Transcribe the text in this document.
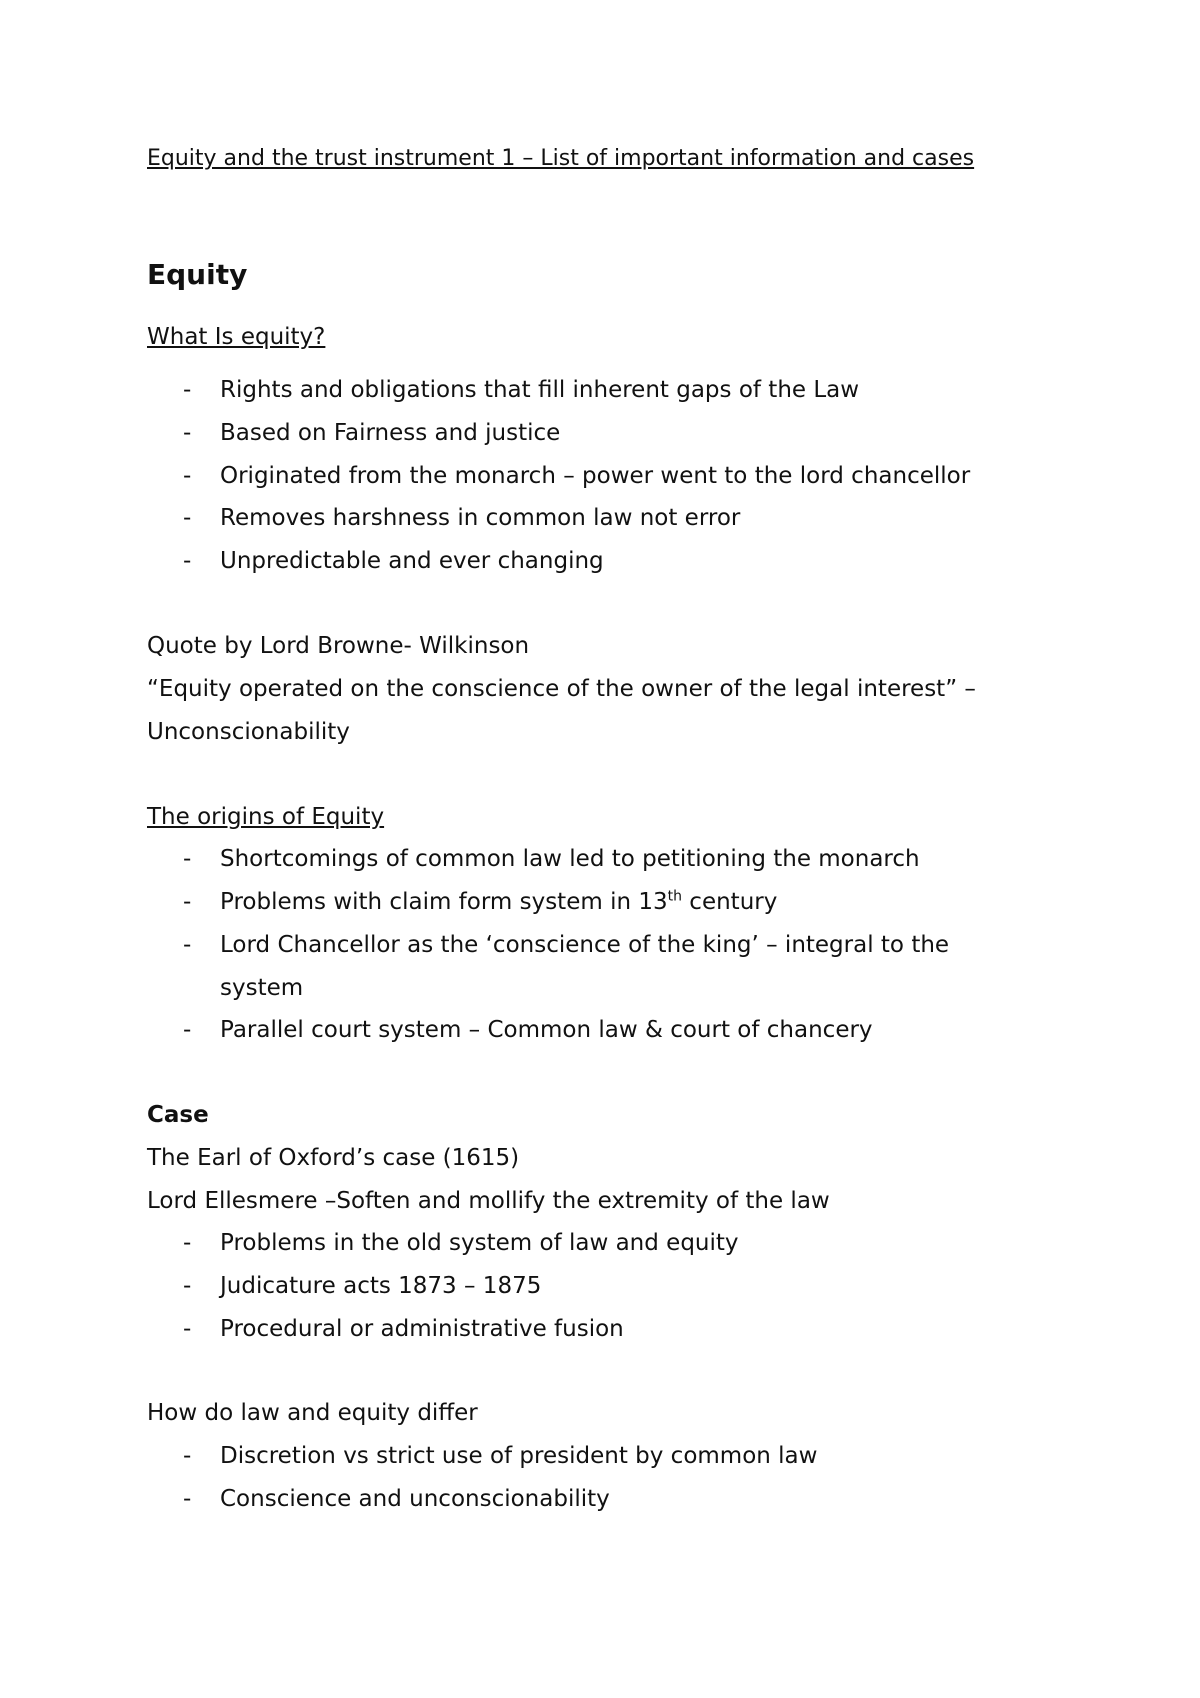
Equity and the trust instrument 1 – List of important information and cases
Equity
What Is equity?
- Rights and obligations that fill inherent gaps of the Law
- Based on Fairness and justice
- Originated from the monarch – power went to the lord chancellor
- Removes harshness in common law not error
- Unpredictable and ever changing
Quote by Lord Browne- Wilkinson
“Equity operated on the conscience of the owner of the legal interest” –
Unconscionability
The origins of Equity
- Shortcomings of common law led to petitioning the monarch
- Problems with claim form system in 13th century
- Lord Chancellor as the ‘conscience of the king’ – integral to the
system
- Parallel court system – Common law & court of chancery
Case
The Earl of Oxford’s case (1615)
Lord Ellesmere –Soften and mollify the extremity of the law
- Problems in the old system of law and equity
- Judicature acts 1873 – 1875
- Procedural or administrative fusion
How do law and equity differ
- Discretion vs strict use of president by common law
- Conscience and unconscionability
